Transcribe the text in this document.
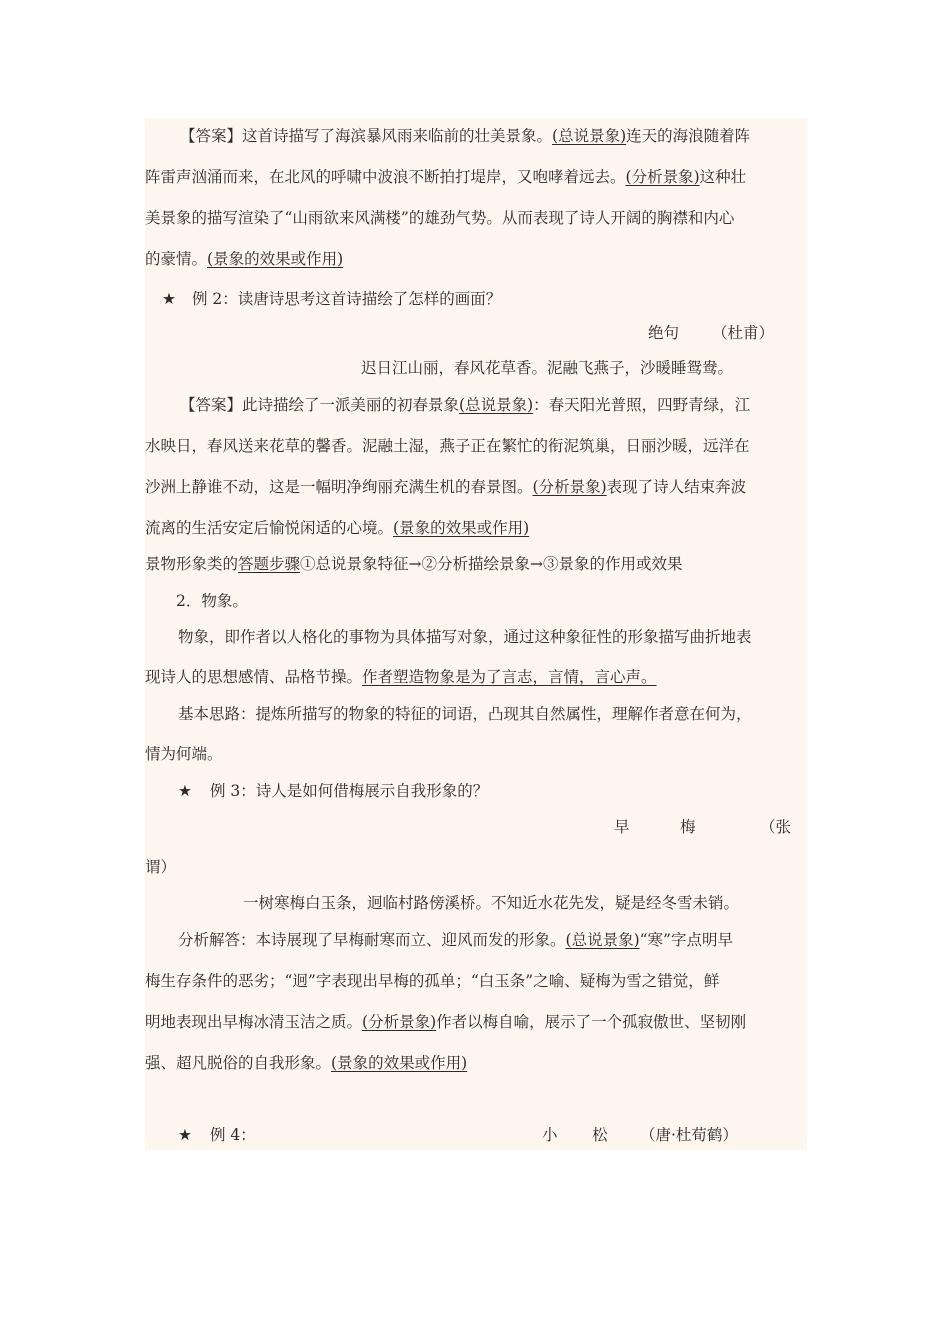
【答案】这首诗描写了海滨暴风雨来临前的壮美景象。(总说景象)连天的海浪随着阵
阵雷声汹涌而来，在北风的呼啸中波浪不断拍打堤岸，又咆哮着远去。(分析景象)这种壮
美景象的描写渲染了“山雨欲来风满楼”的雄劲气势。从而表现了诗人开阔的胸襟和内心
的豪情。(景象的效果或作用)
★ 例 2：读唐诗思考这首诗描绘了怎样的画面？
绝句 （杜甫）
迟日江山丽，春风花草香。泥融飞燕子，沙暖睡鸳鸯。
【答案】此诗描绘了一派美丽的初春景象(总说景象)：春天阳光普照，四野青绿，江
水映日，春风送来花草的馨香。泥融土湿，燕子正在繁忙的衔泥筑巢，日丽沙暖，远洋在
沙洲上静谁不动，这是一幅明净绚丽充满生机的春景图。(分析景象)表现了诗人结束奔波
流离的生活安定后愉悦闲适的心境。(景象的效果或作用)
景物形象类的答题步骤①总说景象特征→②分析描绘景象→③景象的作用或效果
2．物象。
物象，即作者以人格化的事物为具体描写对象，通过这种象征性的形象描写曲折地表
现诗人的思想感情、品格节操。作者塑造物象是为了言志，言情，言心声。
基本思路：提炼所描写的物象的特征的词语，凸现其自然属性，理解作者意在何为，
情为何端。
★ 例 3：诗人是如何借梅展示自我形象的？
早	梅	（张
谓）
一树寒梅白玉条，迥临村路傍溪桥。不知近水花先发，疑是经冬雪未销。
分析解答：本诗展现了早梅耐寒而立、迎风而发的形象。(总说景象)“寒”字点明早
梅生存条件的恶劣；“迥”字表现出早梅的孤单；“白玉条”之喻、疑梅为雪之错觉，鲜
明地表现出早梅冰清玉洁之质。(分析景象)作者以梅自喻，展示了一个孤寂傲世、坚韧刚
强、超凡脱俗的自我形象。(景象的效果或作用)
★ 例 4：	小 松 （唐·杜荀鹤）
